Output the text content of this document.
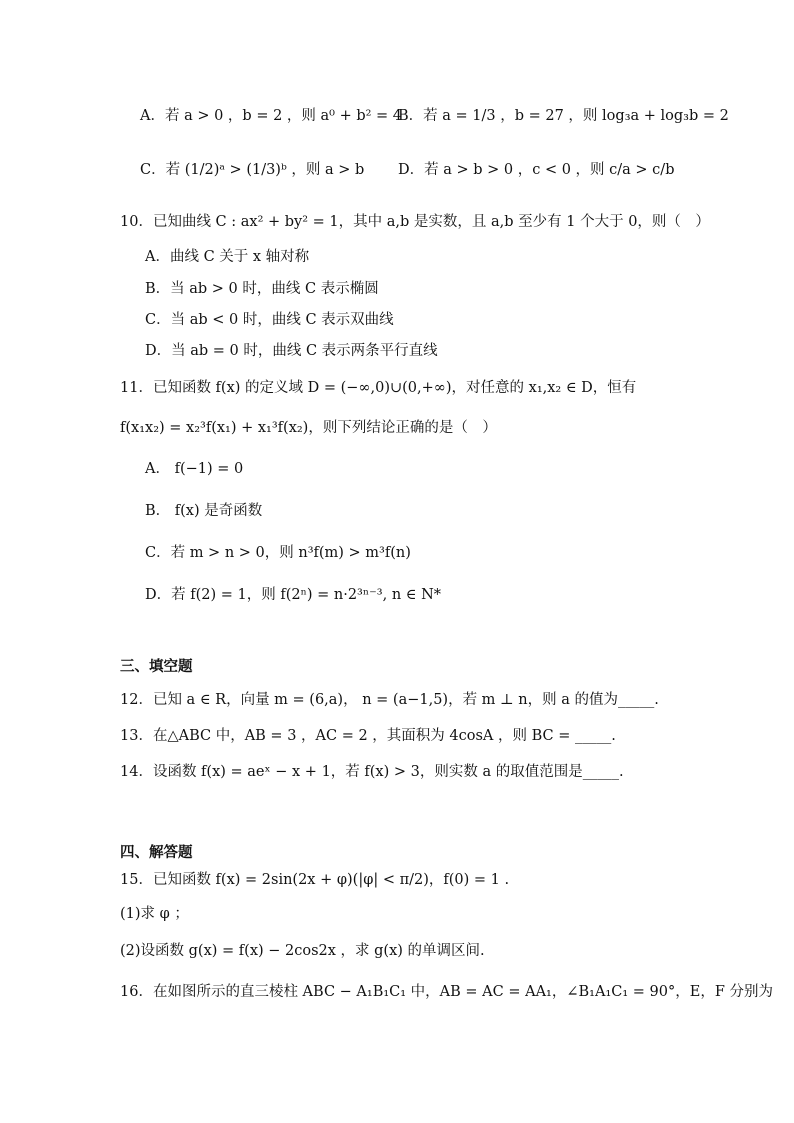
A．若 a > 0 ，b = 2 ，则 a⁰ + b² = 4
B．若 a = 1/3 ，b = 27 ，则 log₃a + log₃b = 2
C．若 (1/2)ᵃ > (1/3)ᵇ ，则 a > b D．若 a > b > 0 ，c < 0 ，则 c/a > c/b
10．已知曲线 C : ax² + by² = 1，其中 a,b 是实数，且 a,b 至少有 1 个大于 0，则（　）
A．曲线 C 关于 x 轴对称
B．当 ab > 0 时，曲线 C 表示椭圆
C．当 ab < 0 时，曲线 C 表示双曲线
D．当 ab = 0 时，曲线 C 表示两条平行直线
11．已知函数 f(x) 的定义域 D = (−∞,0)∪(0,+∞)，对任意的 x₁,x₂ ∈ D，恒有
f(x₁x₂) = x₂³f(x₁) + x₁³f(x₂)，则下列结论正确的是（　）
A． f(−1) = 0
B． f(x) 是奇函数
C．若 m > n > 0，则 n³f(m) > m³f(n)
D．若 f(2) = 1，则 f(2ⁿ) = n·2³ⁿ⁻³, n ∈ N*
三、填空题
12．已知 a ∈ R，向量 m = (6,a)， n = (a−1,5)，若 m ⊥ n，则 a 的值为_____.
13．在△ABC 中，AB = 3 ，AC = 2 ，其面积为 4cosA ，则 BC = _____.
14．设函数 f(x) = aeˣ − x + 1，若 f(x) > 3，则实数 a 的取值范围是_____.
四、解答题
15．已知函数 f(x) = 2sin(2x + φ)(|φ| < π/2)，f(0) = 1 .
(1)求 φ ；
(2)设函数 g(x) = f(x) − 2cos2x ，求 g(x) 的单调区间.
16．在如图所示的直三棱柱 ABC − A₁B₁C₁ 中，AB = AC = AA₁，∠B₁A₁C₁ = 90°，E，F 分别为
